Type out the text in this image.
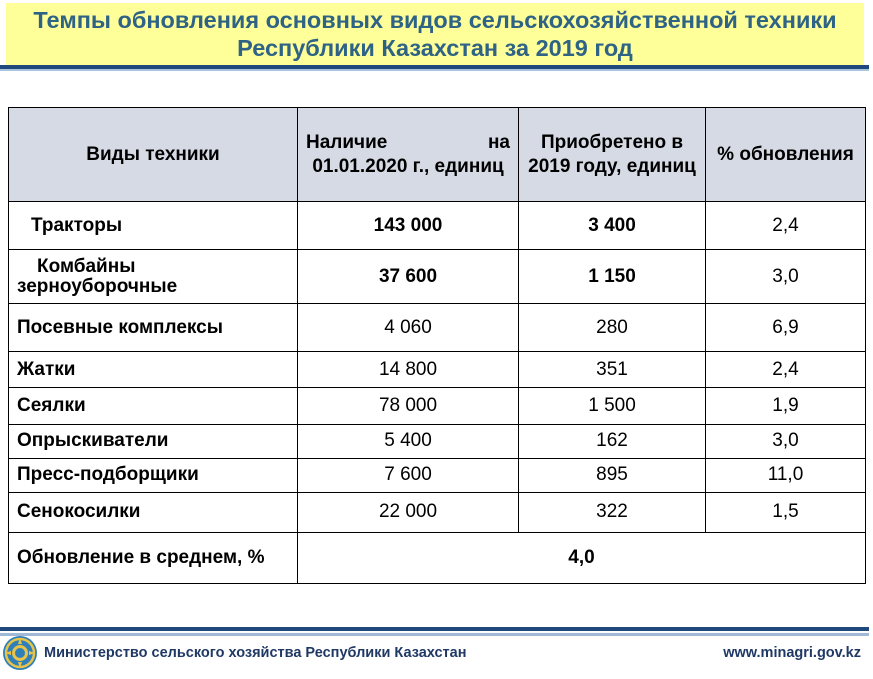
Темпы обновления основных видов сельскохозяйственной техники
Республики Казахстан за 2019 год
Виды техники	Наличие на 01.01.2020 г., единиц	Приобретено в 2019 году, единиц	% обновления
Тракторы	143 000	3 400	2,4
Комбайны
зерноуборочные	37 600	1 150	3,0
Посевные комплексы	4 060	280	6,9
Жатки	14 800	351	2,4
Сеялки	78 000	1 500	1,9
Опрыскиватели	5 400	162	3,0
Пресс-подборщики	7 600	895	11,0
Сенокосилки	22 000	322	1,5
Обновление в среднем, %	4,0		
Министерство сельского хозяйства Республики Казахстан	www.minagri.gov.kz
